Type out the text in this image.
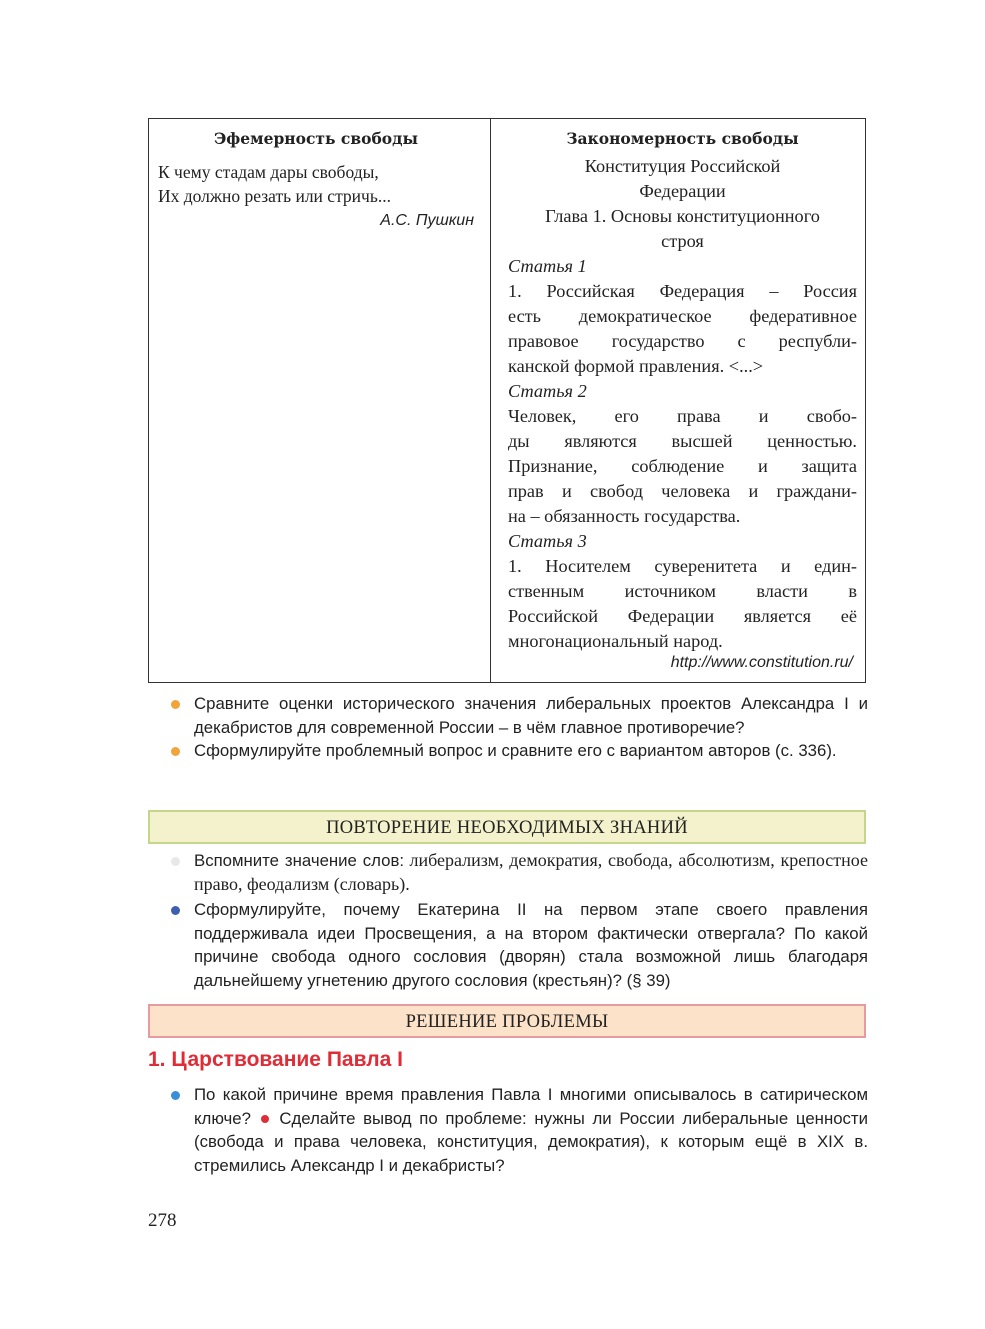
Эфемерность свободы
К чему стадам дары свободы,
Их должно резать или стричь...
А.С. Пушкин
Закономерность свободы
Конституция Российской
Федерации
Глава 1. Основы конституционного
строя
Статья 1
1. Российская Федерация – Россия
есть демократическое федеративное
правовое государство с республи-
канской формой правления. <...>
Статья 2
Человек, его права и свобо-
ды являются высшей ценностью.
Признание, соблюдение и защита
прав и свобод человека и граждани-
на – обязанность государства.
Статья 3
1. Носителем суверенитета и един-
ственным источником власти в
Российской Федерации является её
многонациональный народ.
http://www.constitution.ru/
Сравните оценки исторического значения либеральных проектов Александра I и декабристов для современной России – в чём главное противоречие?
Сформулируйте проблемный вопрос и сравните его с вариантом авторов (с. 336).
ПОВТОРЕНИЕ НЕОБХОДИМЫХ ЗНАНИЙ
Вспомните значение слов: либерализм, демократия, свобода, абсолютизм, крепостное право, феодализм (словарь).
Сформулируйте, почему Екатерина II на первом этапе своего правления поддерживала идеи Просвещения, а на втором фактически отвергала? По какой причине свобода одного сословия (дворян) стала возможной лишь благодаря дальнейшему угнетению другого сословия (крестьян)? (§ 39)
РЕШЕНИЕ ПРОБЛЕМЫ
1. Царствование Павла I
По какой причине время правления Павла I многими описывалось в сатирическом ключе? Сделайте вывод по проблеме: нужны ли России либеральные ценности (свобода и права человека, конституция, демократия), к которым ещё в XIX в. стремились Александр I и декабристы?
278
